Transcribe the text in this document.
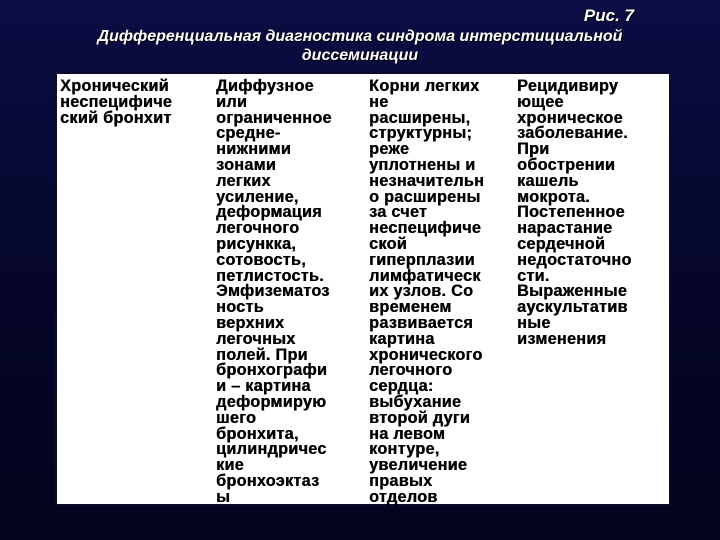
Рис. 7
Дифференциальная диагностика синдрома интерстициальной
диссеминации
Хронический
неспецифиче
ский бронхит
Диффузное
или
ограниченное
средне-
нижними
зонами
легких
усиление,
деформация
легочного
рисункка,
сотовость,
петлистость.
Эмфизематоз
ность
верхних
легочных
полей. При
бронхографи
и – картина
деформирую
шего
бронхита,
цилиндричес
кие
бронхоэктаз
ы
Корни легких
не
расширены,
структурны;
реже
уплотнены и
незначительн
о расширены
за счет
неспецифиче
ской
гиперплазии
лимфатическ
их узлов. Со
временем
развивается
картина
хронического
легочного
сердца:
выбухание
второй дуги
на левом
контуре,
увеличение
правых
отделов
Рецидивиру
ющее
хроническое
заболевание.
При
обострении
кашель
мокрота.
Постепенное
нарастание
сердечной
недостаточно
сти.
Выраженные
аускультатив
ные
изменения
